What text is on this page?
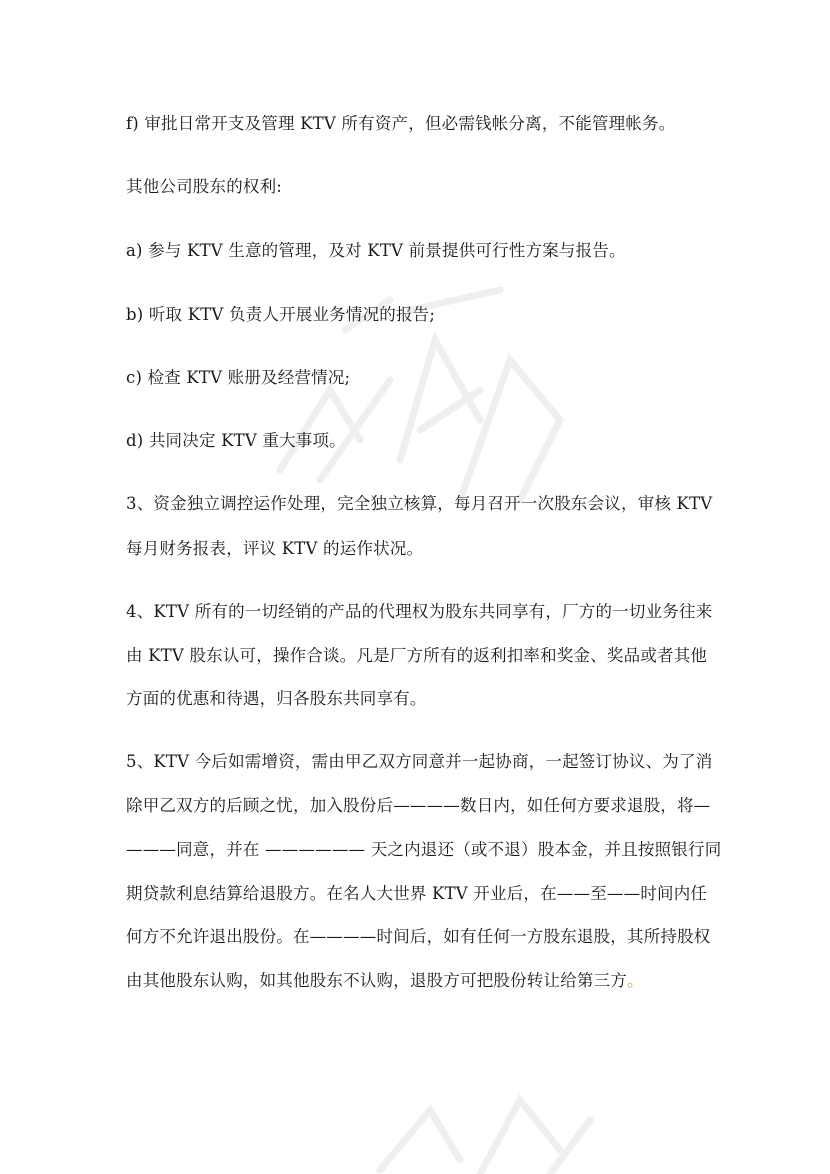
f) 审批日常开支及管理 KTV 所有资产，但必需钱帐分离，不能管理帐务。
其他公司股东的权利:
a) 参与 KTV 生意的管理，及对 KTV 前景提供可行性方案与报告。
b) 听取 KTV 负责人开展业务情况的报告;
c) 检查 KTV 账册及经营情况;
d) 共同决定 KTV 重大事项。
3、资金独立调控运作处理，完全独立核算，每月召开一次股东会议，审核 KTV
每月财务报表，评议 KTV 的运作状况。
4、KTV 所有的一切经销的产品的代理权为股东共同享有，厂方的一切业务往来
由 KTV 股东认可，操作合谈。凡是厂方所有的返利扣率和奖金、奖品或者其他
方面的优惠和待遇，归各股东共同享有。
5、KTV 今后如需增资，需由甲乙双方同意并一起协商，一起签订协议、为了消
除甲乙双方的后顾之忧，加入股份后————数日内，如任何方要求退股，将—
———同意，并在 —————— 天之内退还（或不退）股本金，并且按照银行同
期贷款利息结算给退股方。在名人大世界 KTV 开业后，在——至——时间内任
何方不允许退出股份。在————时间后，如有任何一方股东退股，其所持股权
由其他股东认购，如其他股东不认购，退股方可把股份转让给第三方。
